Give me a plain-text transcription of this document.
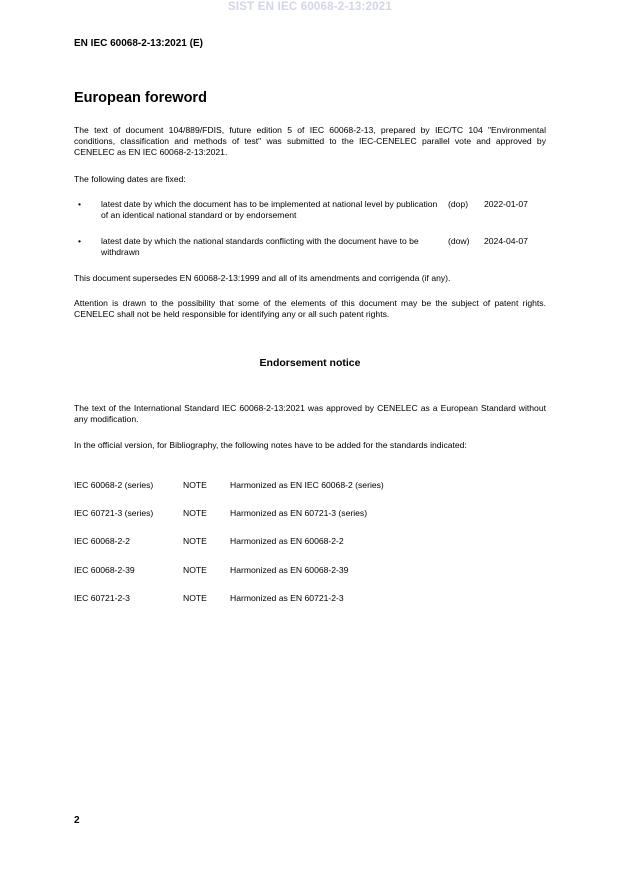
SIST EN IEC 60068-2-13:2021
EN IEC 60068-2-13:2021 (E)
European foreword
The text of document 104/889/FDIS, future edition 5 of IEC 60068-2-13, prepared by IEC/TC 104 "Environmental conditions, classification and methods of test" was submitted to the IEC-CENELEC parallel vote and approved by CENELEC as EN IEC 60068-2-13:2021.
The following dates are fixed:
• latest date by which the document has to be implemented at national level by publication of an identical national standard or by endorsement
(dop) 2022-01-07
• latest date by which the national standards conflicting with the document have to be withdrawn
(dow) 2024-04-07
This document supersedes EN 60068-2-13:1999 and all of its amendments and corrigenda (if any).
Attention is drawn to the possibility that some of the elements of this document may be the subject of patent rights. CENELEC shall not be held responsible for identifying any or all such patent rights.
Endorsement notice
The text of the International Standard IEC 60068-2-13:2021 was approved by CENELEC as a European Standard without any modification.
In the official version, for Bibliography, the following notes have to be added for the standards indicated:
IEC 60068-2 (series)	NOTE	Harmonized as EN IEC 60068-2 (series)
IEC 60721-3 (series)	NOTE	Harmonized as EN 60721-3 (series)
IEC 60068-2-2	NOTE	Harmonized as EN 60068-2-2
IEC 60068-2-39	NOTE	Harmonized as EN 60068-2-39
IEC 60721-2-3	NOTE	Harmonized as EN 60721-2-3
2
